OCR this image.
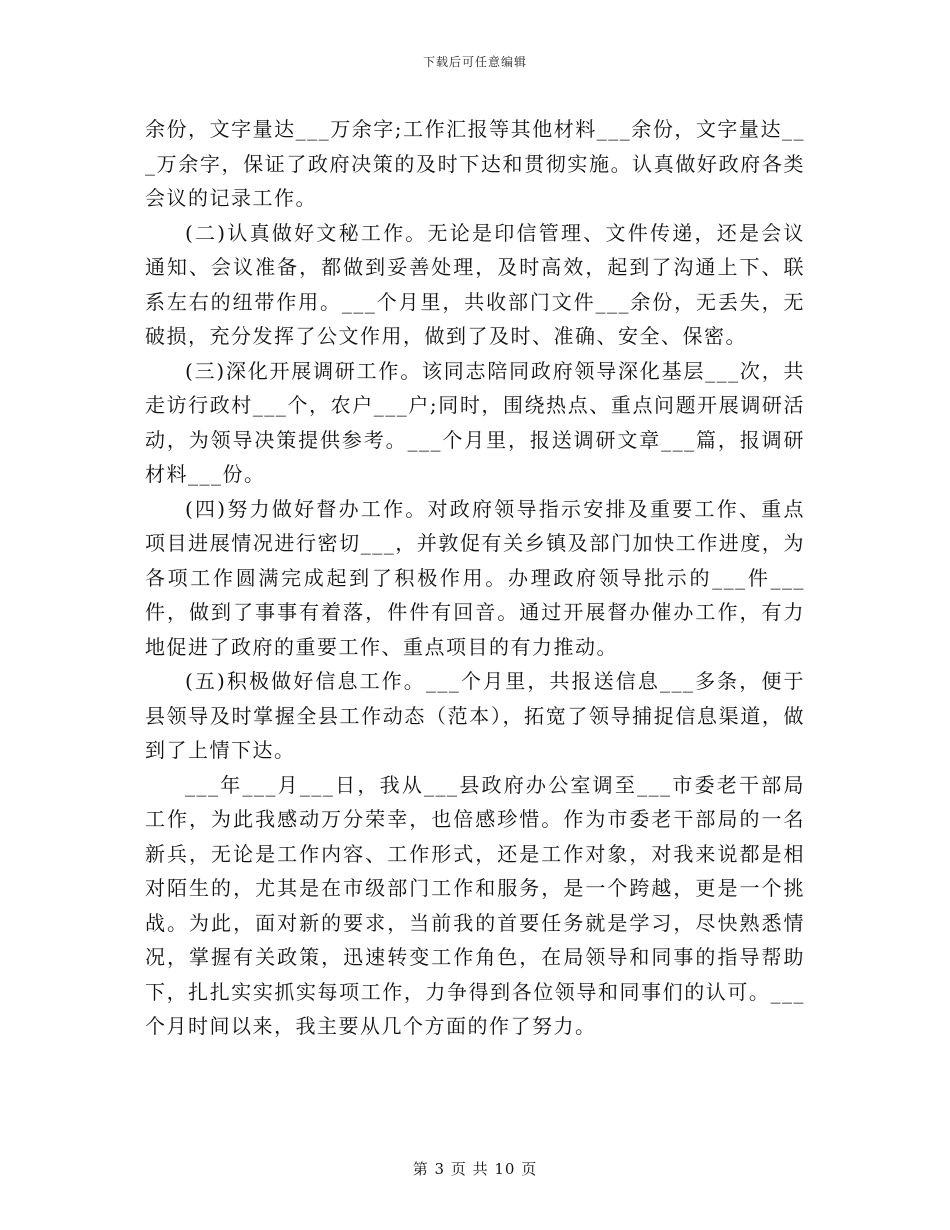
下载后可任意编辑

余份，文字量达___万余字;工作汇报等其他材料___余份，文字量达___万余字，保证了政府决策的及时下达和贯彻实施。认真做好政府各类会议的记录工作。

(二)认真做好文秘工作。无论是印信管理、文件传递，还是会议通知、会议准备，都做到妥善处理，及时高效，起到了沟通上下、联系左右的纽带作用。___个月里，共收部门文件___余份，无丢失，无破损，充分发挥了公文作用，做到了及时、准确、安全、保密。

(三)深化开展调研工作。该同志陪同政府领导深化基层___次，共走访行政村___个，农户___户;同时，围绕热点、重点问题开展调研活动，为领导决策提供参考。___个月里，报送调研文章___篇，报调研材料___份。

(四)努力做好督办工作。对政府领导指示安排及重要工作、重点项目进展情况进行密切___，并敦促有关乡镇及部门加快工作进度，为各项工作圆满完成起到了积极作用。办理政府领导批示的___件___件，做到了事事有着落，件件有回音。通过开展督办催办工作，有力地促进了政府的重要工作、重点项目的有力推动。

(五)积极做好信息工作。___个月里，共报送信息___多条，便于县领导及时掌握全县工作动态（范本），拓宽了领导捕捉信息渠道，做到了上情下达。

___年___月___日，我从___县政府办公室调至___市委老干部局工作，为此我感动万分荣幸，也倍感珍惜。作为市委老干部局的一名新兵，无论是工作内容、工作形式，还是工作对象，对我来说都是相对陌生的，尤其是在市级部门工作和服务，是一个跨越，更是一个挑战。为此，面对新的要求，当前我的首要任务就是学习，尽快熟悉情况，掌握有关政策，迅速转变工作角色，在局领导和同事的指导帮助下，扎扎实实抓实每项工作，力争得到各位领导和同事们的认可。___个月时间以来，我主要从几个方面的作了努力。

第 3 页 共 10 页
